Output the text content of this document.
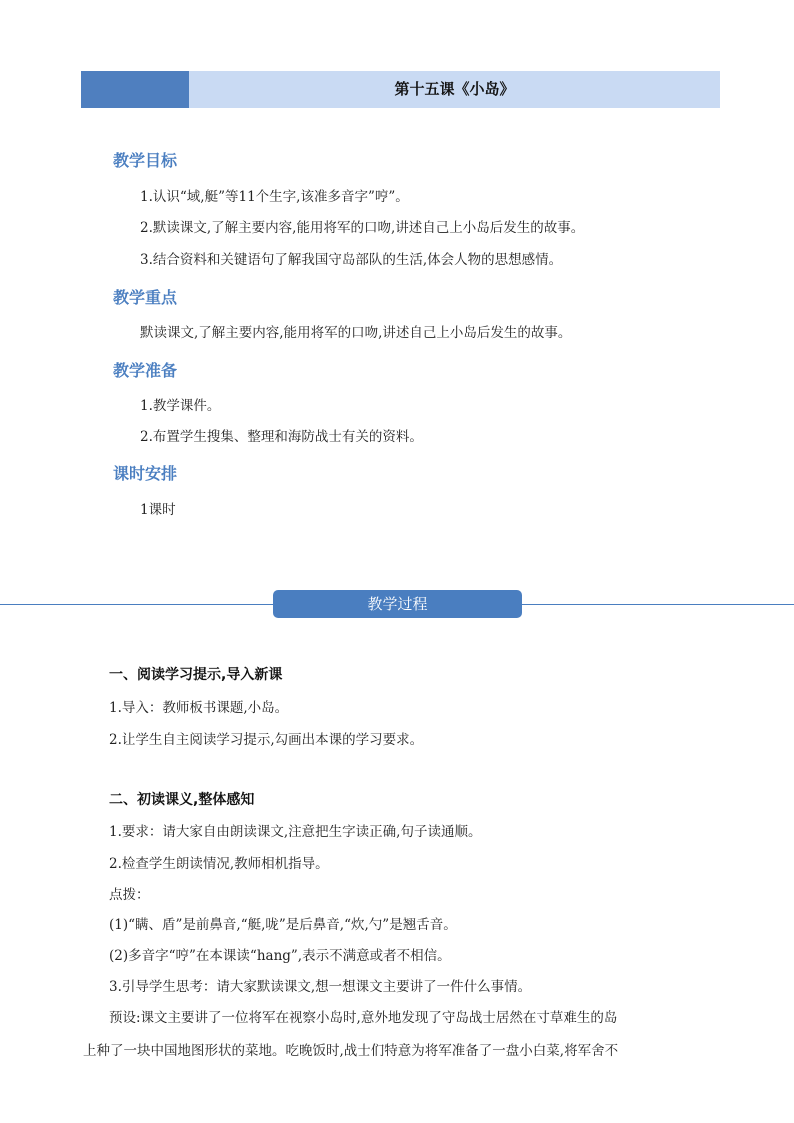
第十五课《小岛》
教学目标
1.认识“域,艇”等11个生字,该准多音字”哼”。
2.默读课文,了解主要内容,能用将军的口吻,讲述自己上小岛后发生的故事。
3.结合资料和关键语句了解我国守岛部队的生活,体会人物的思想感情。
教学重点
默读课文,了解主要内容,能用将军的口吻,讲述自己上小岛后发生的故事。
教学准备
1.教学课件。
2.布置学生搜集、整理和海防战士有关的资料。
课时安排
1课时
教学过程
一、阅读学习提示,导入新课
1.导入：教师板书课题,小岛。
2.让学生自主阅读学习提示,勾画出本课的学习要求。
二、初读课义,整体感知
1.要求：请大家自由朗读课文,注意把生字读正确,句子读通顺。
2.检查学生朗读情况,教师相机指导。
点拨：
(1)“瞒、盾”是前鼻音,“艇,咙”是后鼻音,“炊,勺”是翘舌音。
(2)多音字“哼”在本课读“hang”,表示不满意或者不相信。
3.引导学生思考：请大家默读课文,想一想课文主要讲了一件什么事情。
预设:课文主要讲了一位将军在视察小岛时,意外地发现了守岛战士居然在寸草难生的岛
上种了一块中国地图形状的菜地。吃晚饭时,战士们特意为将军准备了一盘小白菜,将军舍不
